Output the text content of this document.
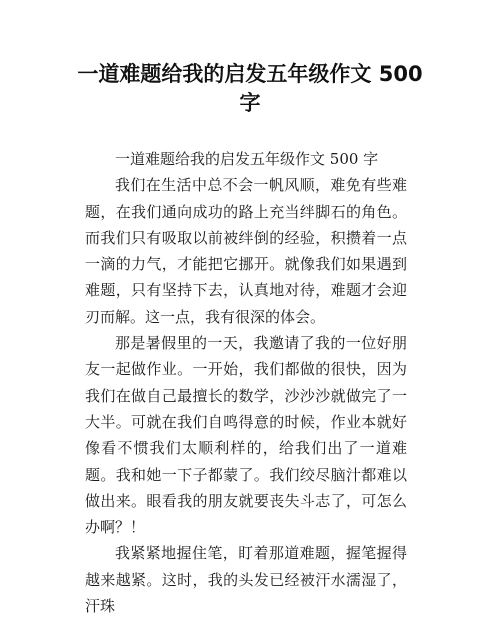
一道难题给我的启发五年级作文 500 字

一道难题给我的启发五年级作文 500 字

我们在生活中总不会一帆风顺，难免有些难题，在我们通向成功的路上充当绊脚石的角色。而我们只有吸取以前被绊倒的经验，积攒着一点一滴的力气，才能把它挪开。就像我们如果遇到难题，只有坚持下去，认真地对待，难题才会迎刃而解。这一点，我有很深的体会。

那是暑假里的一天，我邀请了我的一位好朋友一起做作业。一开始，我们都做的很快，因为我们在做自己最擅长的数学，沙沙沙就做完了一大半。可就在我们自鸣得意的时候，作业本就好像看不惯我们太顺利样的，给我们出了一道难题。我和她一下子都蒙了。我们绞尽脑汁都难以做出来。眼看我的朋友就要丧失斗志了，可怎么办啊？！

我紧紧地握住笔，盯着那道难题，握笔握得越来越紧。这时，我的头发已经被汗水濡湿了，汗珠
